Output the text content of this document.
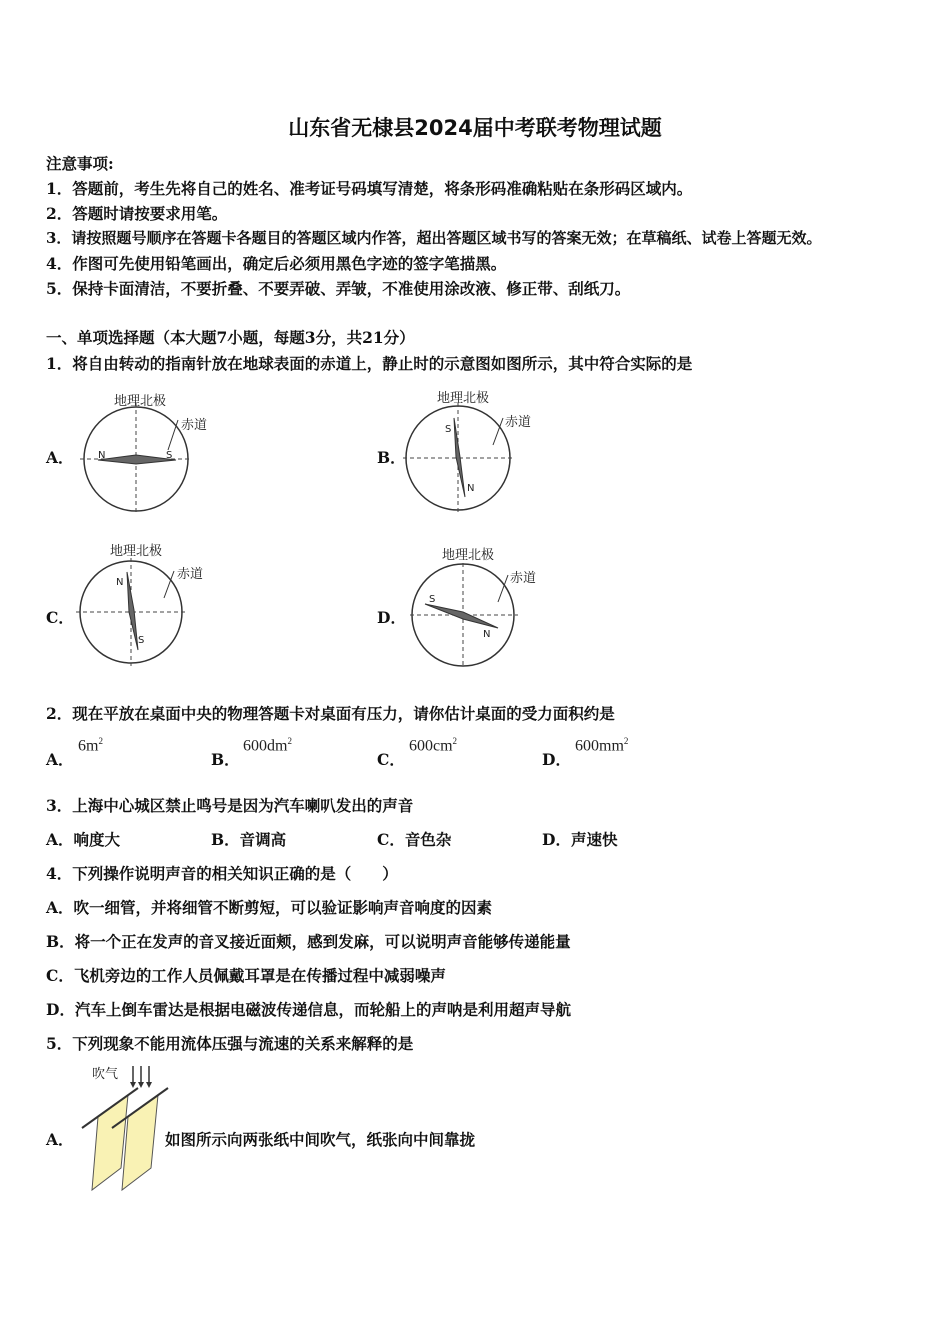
山东省无棣县2024届中考联考物理试题
注意事项:
1．答题前，考生先将自己的姓名、准考证号码填写清楚，将条形码准确粘贴在条形码区域内。
2．答题时请按要求用笔。
3．请按照题号顺序在答题卡各题目的答题区域内作答，超出答题区域书写的答案无效；在草稿纸、试卷上答题无效。
4．作图可先使用铅笔画出，确定后必须用黑色字迹的签字笔描黑。
5．保持卡面清洁，不要折叠、不要弄破、弄皱，不准使用涂改液、修正带、刮纸刀。
一、单项选择题（本大题7小题，每题3分，共21分）
1．将自由转动的指南针放在地球表面的赤道上，静止时的示意图如图所示，其中符合实际的是
A．
地理北极
赤道
N	S	B．
地理北极
赤道
S
N
C．
地理北极
赤道
N
S
D．
地理北极
赤道
S
N
2．现在平放在桌面中央的物理答题卡对桌面有压力，请你估计桌面的受力面积约是
A．
$6m^2$
B．
$600dm^2$
C．
$600cm^2$
D．
$600mm^2$
3．上海中心城区禁止鸣号是因为汽车喇叭发出的声音
A．响度大	B．音调高	C．音色杂	D．声速快
4．下列操作说明声音的相关知识正确的是（　　）
A．吹一细管，并将细管不断剪短，可以验证影响声音响度的因素
B．将一个正在发声的音叉接近面颊，感到发麻，可以说明声音能够传递能量
C．飞机旁边的工作人员佩戴耳罩是在传播过程中减弱噪声
D．汽车上倒车雷达是根据电磁波传递信息，而轮船上的声呐是利用超声导航
5．下列现象不能用流体压强与流速的关系来解释的是
A．
吹气
如图所示向两张纸中间吹气，纸张向中间靠拢
